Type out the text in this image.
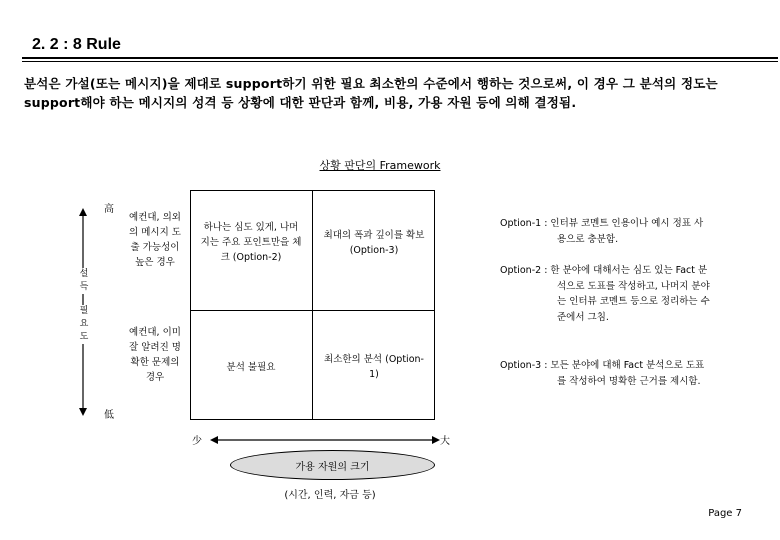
2. 2 : 8 Rule
분석은 가설(또는 메시지)을 제대로 support하기 위한 필요 최소한의 수준에서 행하는 것으로써, 이 경우 그 분석의 정도는 support해야 하는 메시지의 성격 등 상황에 대한 판단과 함께, 비용, 가용 자원 등에 의해 결정됨.
상황 판단의 Framework
高
低
설득
필요도
예컨대, 의외의 메시지 도출 가능성이 높은 경우
예컨대, 이미 잘 알려진 명확한 문제의 경우
하나는 심도 있게, 나머지는 주요 포인트만을 체크 (Option-2)
최대의 폭과 깊이를 확보 (Option-3)
분석 불필요
최소한의 분석 (Option-1)
少	大
가용 자원의 크기
(시간, 인력, 자금 등)
Option-1 : 인터뷰 코멘트 인용이나 예시 정표 사용으로 충분함.
Option-2 : 한 분야에 대해서는 심도 있는 Fact 분석으로 도표를 작성하고, 나머지 분야는 인터뷰 코멘트 등으로 정리하는 수준에서 그침.
Option-3 : 모든 분야에 대해 Fact 분석으로 도표를 작성하여 명확한 근거를 제시함.
Page 7
